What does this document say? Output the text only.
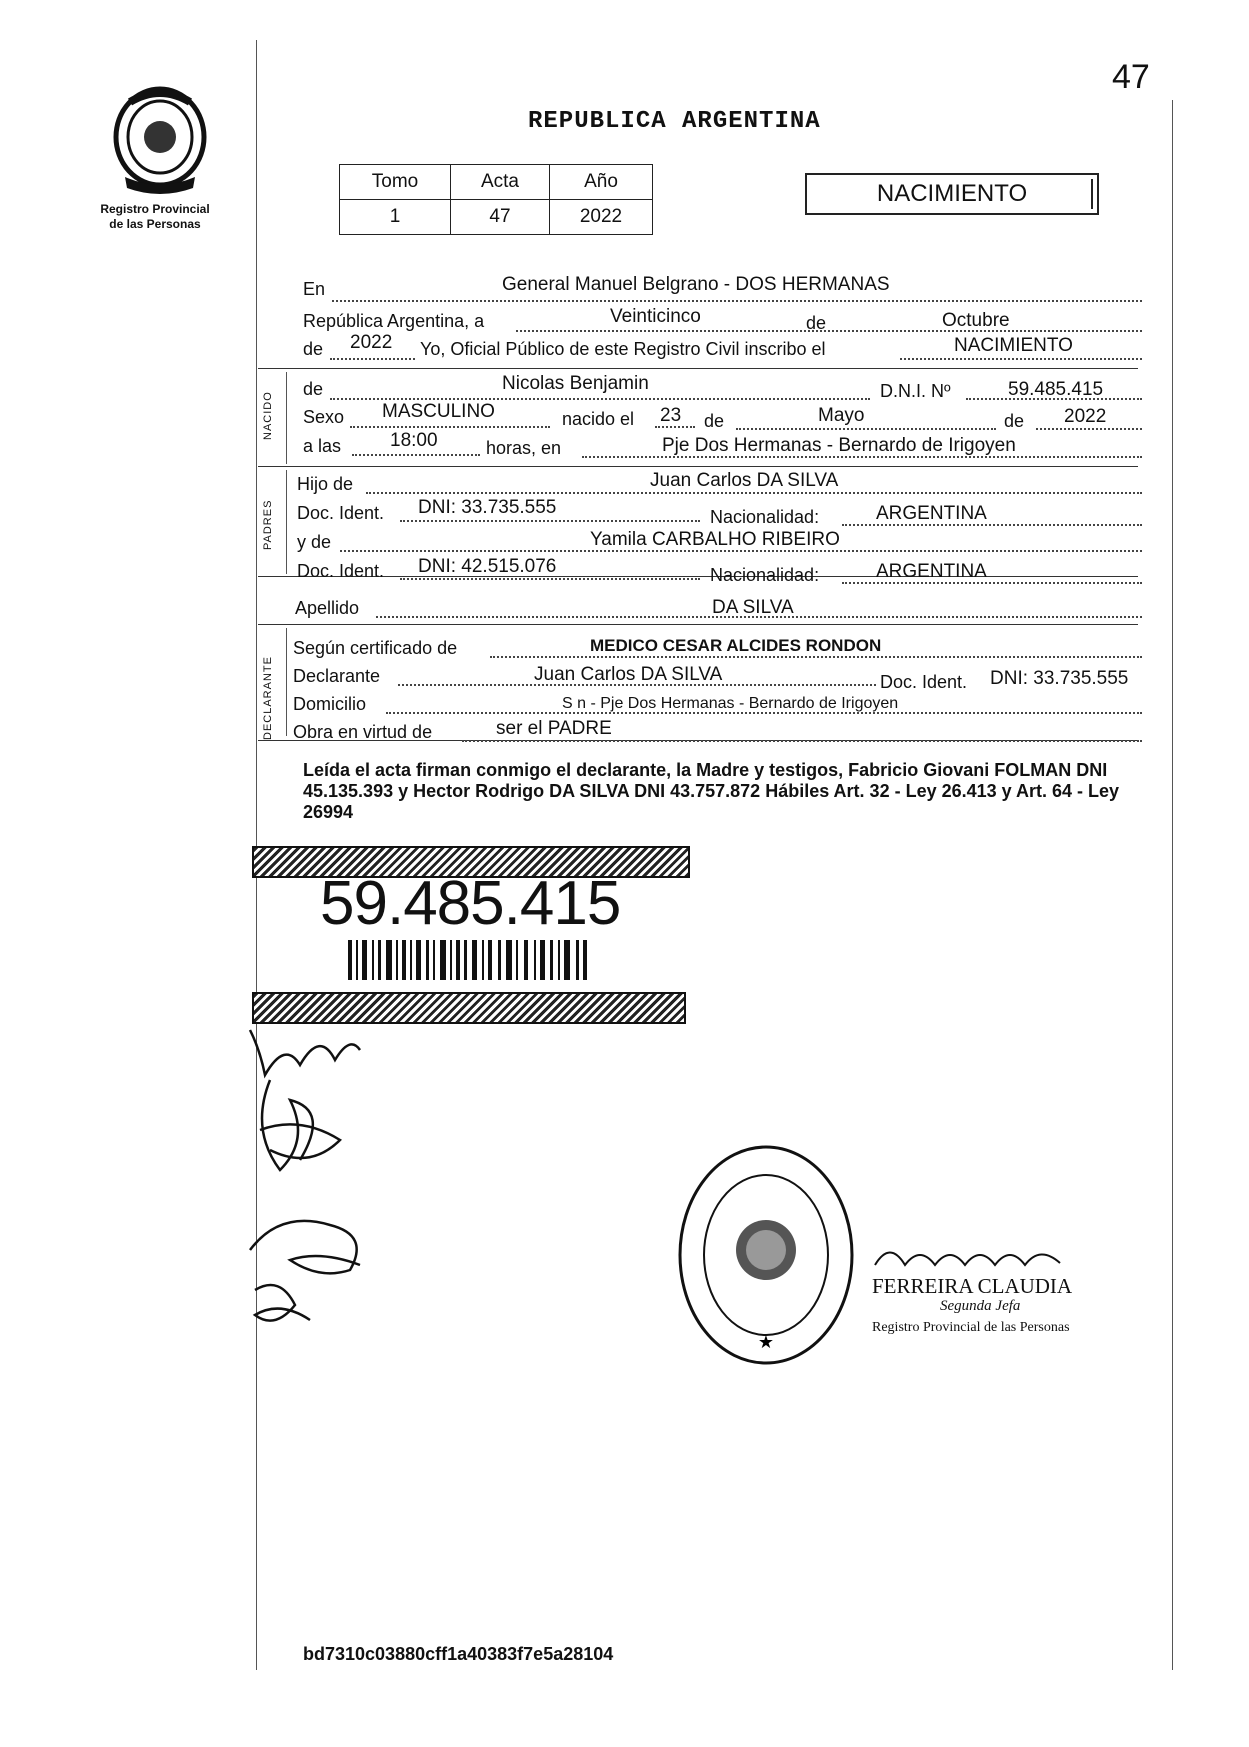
47
REPUBLICA ARGENTINA
Registro Provincial
de las Personas
Tomo	Acta	Año
1	47	2022
NACIMIENTO
NACIDO
PADRES
DECLARANTE
En	General Manuel Belgrano - DOS HERMANAS
República Argentina, a	Veinticinco	de	Octubre
de 2022 Yo, Oficial Público de este Registro Civil inscribo el	NACIMIENTO
de	Nicolas Benjamin	D.N.I. Nº	59.485.415
Sexo MASCULINO	nacido el 23 de	Mayo	de 2022
a las	18:00	horas, en	Pje Dos Hermanas - Bernardo de Irigoyen
Hijo de	Juan Carlos DA SILVA
Doc. Ident. DNI: 33.735.555	Nacionalidad:	ARGENTINA
y de	Yamila CARBALHO RIBEIRO
Doc. Ident. DNI: 42.515.076	Nacionalidad:	ARGENTINA
Apellido	DA SILVA
Según certificado de	MEDICO CESAR ALCIDES RONDON
Declarante	Juan Carlos DA SILVA	Doc. Ident. DNI: 33.735.555
Domicilio	S n - Pje Dos Hermanas - Bernardo de Irigoyen
Obra en virtud de	ser el PADRE
Leída el acta firman conmigo el declarante, la Madre y testigos, Fabricio Giovani FOLMAN DNI 45.135.393 y Hector Rodrigo DA SILVA DNI 43.757.872 Hábiles Art. 32 - Ley 26.413 y Art. 64 - Ley 26994
59.485.415
★
FERREIRA CLAUDIA
Segunda Jefa
Registro Provincial de las Personas
bd7310c03880cff1a40383f7e5a28104
